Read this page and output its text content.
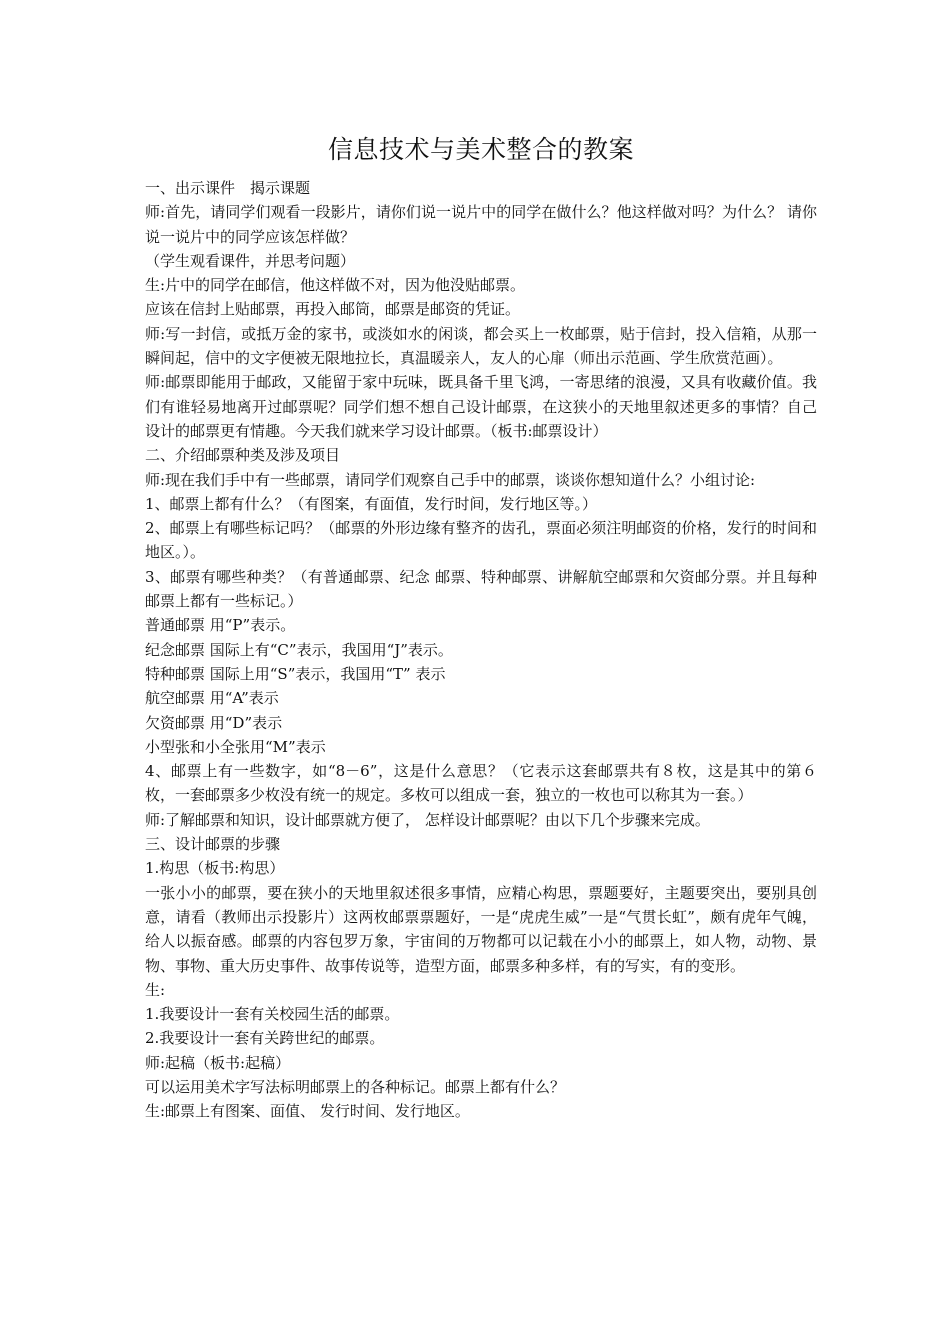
信息技术与美术整合的教案

一、出示课件　揭示课题

师:首先，请同学们观看一段影片，请你们说一说片中的同学在做什么？他这样做对吗？为什么？ 请你说一说片中的同学应该怎样做？

（学生观看课件，并思考问题）

生:片中的同学在邮信，他这样做不对，因为他没贴邮票。

应该在信封上贴邮票，再投入邮筒，邮票是邮资的凭证。

师:写一封信，或抵万金的家书，或淡如水的闲谈，都会买上一枚邮票，贴于信封，投入信箱，从那一瞬间起，信中的文字便被无限地拉长，真温暖亲人，友人的心扉（师出示范画、学生欣赏范画）。

师:邮票即能用于邮政，又能留于家中玩味，既具备千里飞鸿，一寄思绪的浪漫，又具有收藏价值。我们有谁轻易地离开过邮票呢？同学们想不想自己设计邮票，在这狭小的天地里叙述更多的事情？自己设计的邮票更有情趣。今天我们就来学习设计邮票。（板书:邮票设计）

二、介绍邮票种类及涉及项目

师:现在我们手中有一些邮票，请同学们观察自己手中的邮票，谈谈你想知道什么？小组讨论:

1、邮票上都有什么？（有图案，有面值，发行时间，发行地区等。）

2、邮票上有哪些标记吗？（邮票的外形边缘有整齐的齿孔，票面必须注明邮资的价格，发行的时间和地区。）。

3、邮票有哪些种类？（有普通邮票、纪念 邮票、特种邮票、讲解航空邮票和欠资邮分票。并且每种邮票上都有一些标记。）

普通邮票 用“P”表示。

纪念邮票 国际上有“C”表示，我国用“J”表示。

特种邮票 国际上用“S”表示，我国用“T” 表示

航空邮票 用“A”表示

欠资邮票 用“D”表示

小型张和小全张用“M”表示

4、邮票上有一些数字，如“8－6”，这是什么意思？（它表示这套邮票共有８枚，这是其中的第６枚，一套邮票多少枚没有统一的规定。多枚可以组成一套，独立的一枚也可以称其为一套。）

师:了解邮票和知识，设计邮票就方便了， 怎样设计邮票呢？由以下几个步骤来完成。

三、设计邮票的步骤

1.构思（板书:构思）

一张小小的邮票，要在狭小的天地里叙述很多事情，应精心构思，票题要好，主题要突出，要别具创意，请看（教师出示投影片）这两枚邮票票题好，一是“虎虎生威”一是“气贯长虹”，颇有虎年气魄，给人以振奋感。邮票的内容包罗万象，宇宙间的万物都可以记载在小小的邮票上，如人物，动物、景物、事物、重大历史事件、故事传说等，造型方面，邮票多种多样，有的写实，有的变形。

生:

1.我要设计一套有关校园生活的邮票。

2.我要设计一套有关跨世纪的邮票。

师:起稿（板书:起稿）

可以运用美术字写法标明邮票上的各种标记。邮票上都有什么？

生:邮票上有图案、面值、 发行时间、发行地区。
